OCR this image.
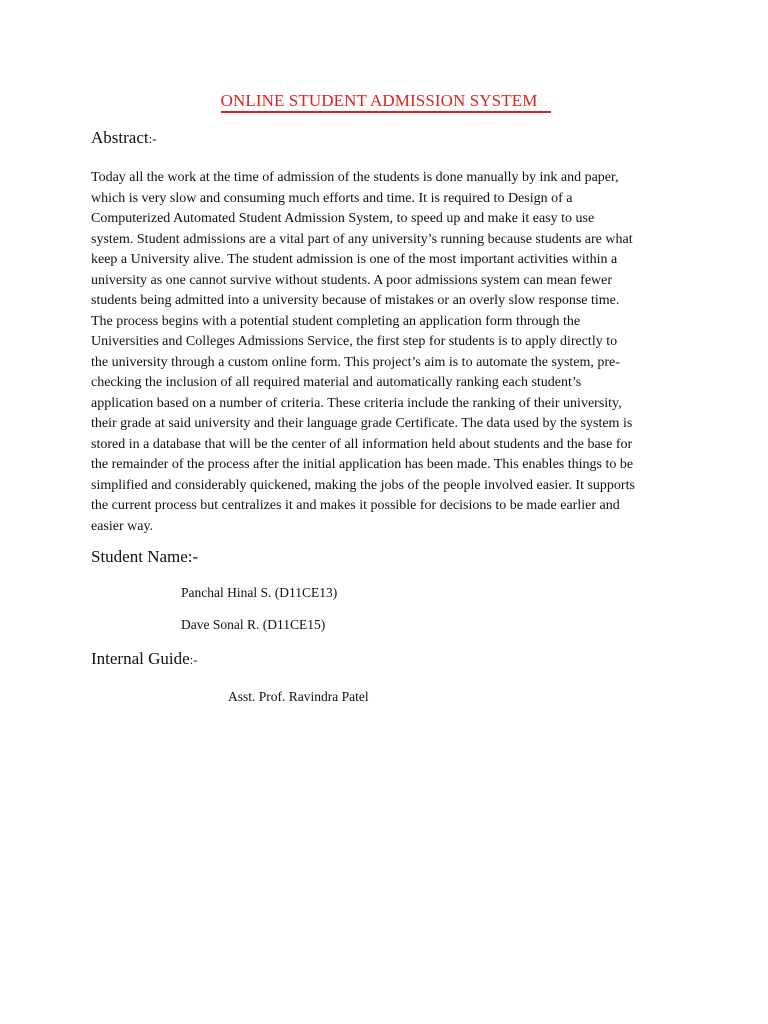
ONLINE STUDENT ADMISSION SYSTEM
Abstract:-
Today all the work at the time of admission of the students is done manually by ink and paper,
which is very slow and consuming much efforts and time. It is required to Design of a
Computerized Automated Student Admission System, to speed up and make it easy to use
system. Student admissions are a vital part of any university’s running because students are what
keep a University alive. The student admission is one of the most important activities within a
university as one cannot survive without students. A poor admissions system can mean fewer
students being admitted into a university because of mistakes or an overly slow response time.
The process begins with a potential student completing an application form through the
Universities and Colleges Admissions Service, the first step for students is to apply directly to
the university through a custom online form. This project’s aim is to automate the system, pre-
checking the inclusion of all required material and automatically ranking each student’s
application based on a number of criteria. These criteria include the ranking of their university,
their grade at said university and their language grade Certificate. The data used by the system is
stored in a database that will be the center of all information held about students and the base for
the remainder of the process after the initial application has been made. This enables things to be
simplified and considerably quickened, making the jobs of the people involved easier. It supports
the current process but centralizes it and makes it possible for decisions to be made earlier and
easier way.
Student Name:-
Panchal Hinal S. (D11CE13)
Dave Sonal R. (D11CE15)
Internal Guide:-
Asst. Prof. Ravindra Patel
